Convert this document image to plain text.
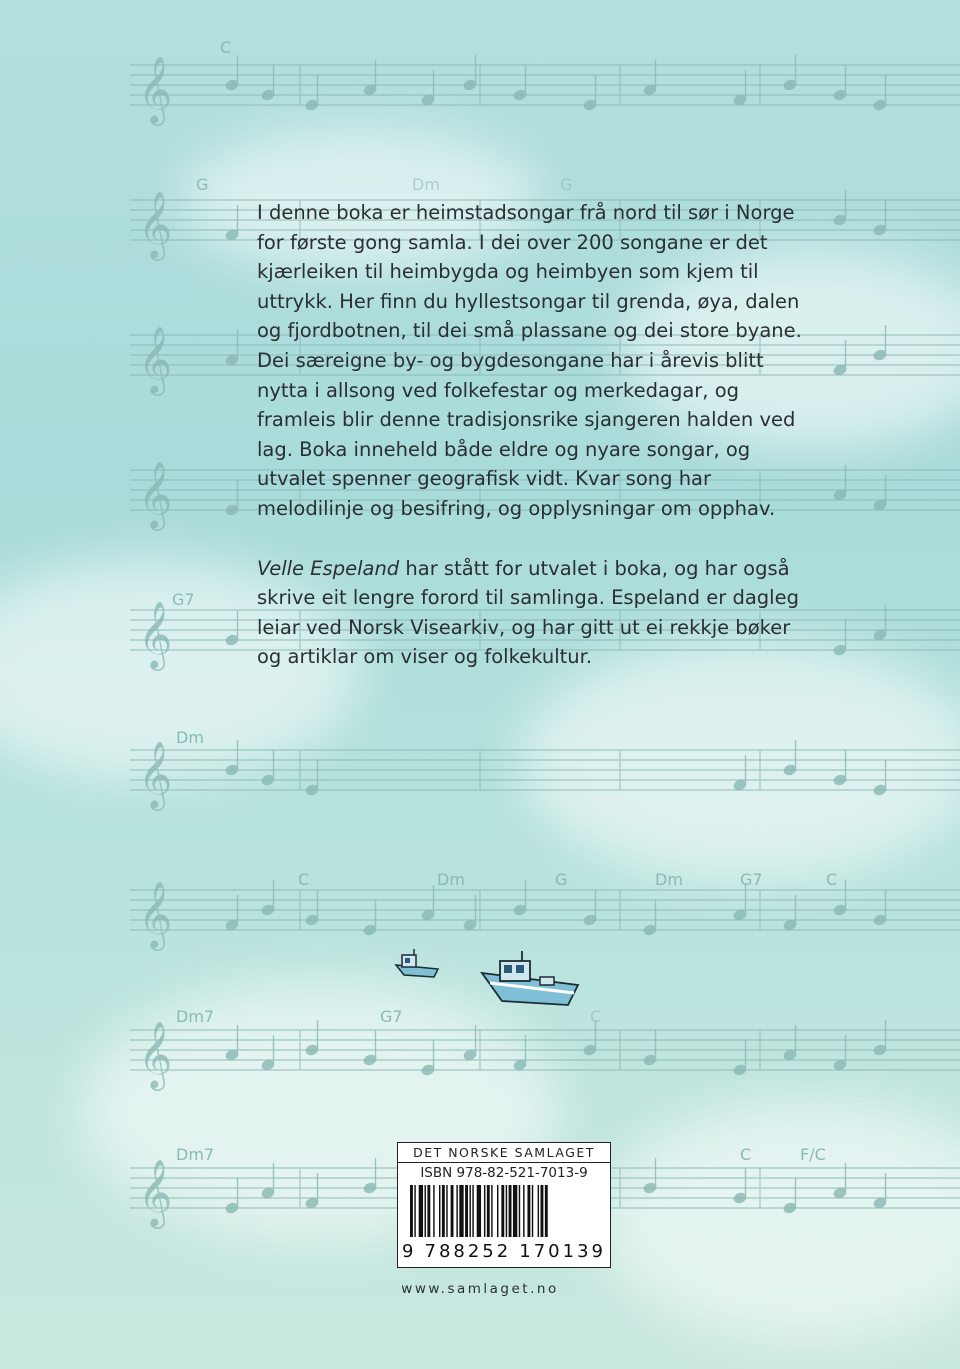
𝄞
𝄞
𝄞
𝄞
𝄞
𝄞
𝄞
𝄞
𝄞
C
G	Dm	G
G7
Dm
C	Dm	G	Dm	G7	C
Dm7	G7	C
Dm7	C	F/C

I denne boka er heimstadsongar frå nord til sør i Norge for første gong samla. I dei over 200 songane er det kjærleiken til heimbygda og heimbyen som kjem til uttrykk. Her finn du hyllestsongar til grenda, øya, dalen og fjordbotnen, til dei små plassane og dei store byane. Dei særeigne by- og bygdesongane har i årevis blitt nytta i allsong ved folkefestar og merkedagar, og framleis blir denne tradisjonsrike sjangeren halden ved lag. Boka inneheld både eldre og nyare songar, og utvalet spenner geografisk vidt. Kvar song har melodilinje og besifring, og opplysningar om opphav.

Velle Espeland har stått for utvalet i boka, og har også skrive eit lengre forord til samlinga. Espeland er dagleg leiar ved Norsk Visearkiv, og har gitt ut ei rekkje bøker og artiklar om viser og folkekultur.

DET NORSKE SAMLAGET
ISBN 978-82-521-7013-9
9 788252 170139
www.samlaget.no
